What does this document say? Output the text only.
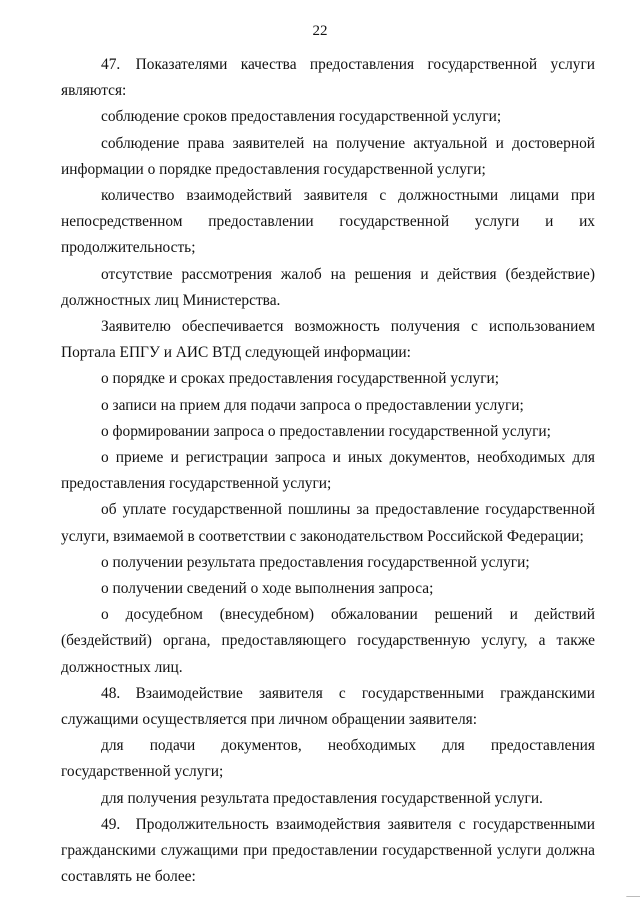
22

47. Показателями качества предоставления государственной услуги являются:

соблюдение сроков предоставления государственной услуги;

соблюдение права заявителей на получение актуальной и достоверной информации о порядке предоставления государственной услуги;

количество взаимодействий заявителя с должностными лицами при непосредственном предоставлении государственной услуги и их продолжительность;

отсутствие рассмотрения жалоб на решения и действия (бездействие) должностных лиц Министерства.

Заявителю обеспечивается возможность получения с использованием Портала ЕПГУ и АИС ВТД следующей информации:

о порядке и сроках предоставления государственной услуги;

о записи на прием для подачи запроса о предоставлении услуги;

о формировании запроса о предоставлении государственной услуги;

о приеме и регистрации запроса и иных документов, необходимых для предоставления государственной услуги;

об уплате государственной пошлины за предоставление государственной услуги, взимаемой в соответствии с законодательством Российской Федерации;

о получении результата предоставления государственной услуги;

о получении сведений о ходе выполнения запроса;

о досудебном (внесудебном) обжаловании решений и действий (бездействий) органа, предоставляющего государственную услугу, а также должностных лиц.

48. Взаимодействие заявителя с государственными гражданскими служащими осуществляется при личном обращении заявителя:

для подачи документов, необходимых для предоставления государственной услуги;

для получения результата предоставления государственной услуги.

49. Продолжительность взаимодействия заявителя с государственными гражданскими служащими при предоставлении государственной услуги должна составлять не более:
